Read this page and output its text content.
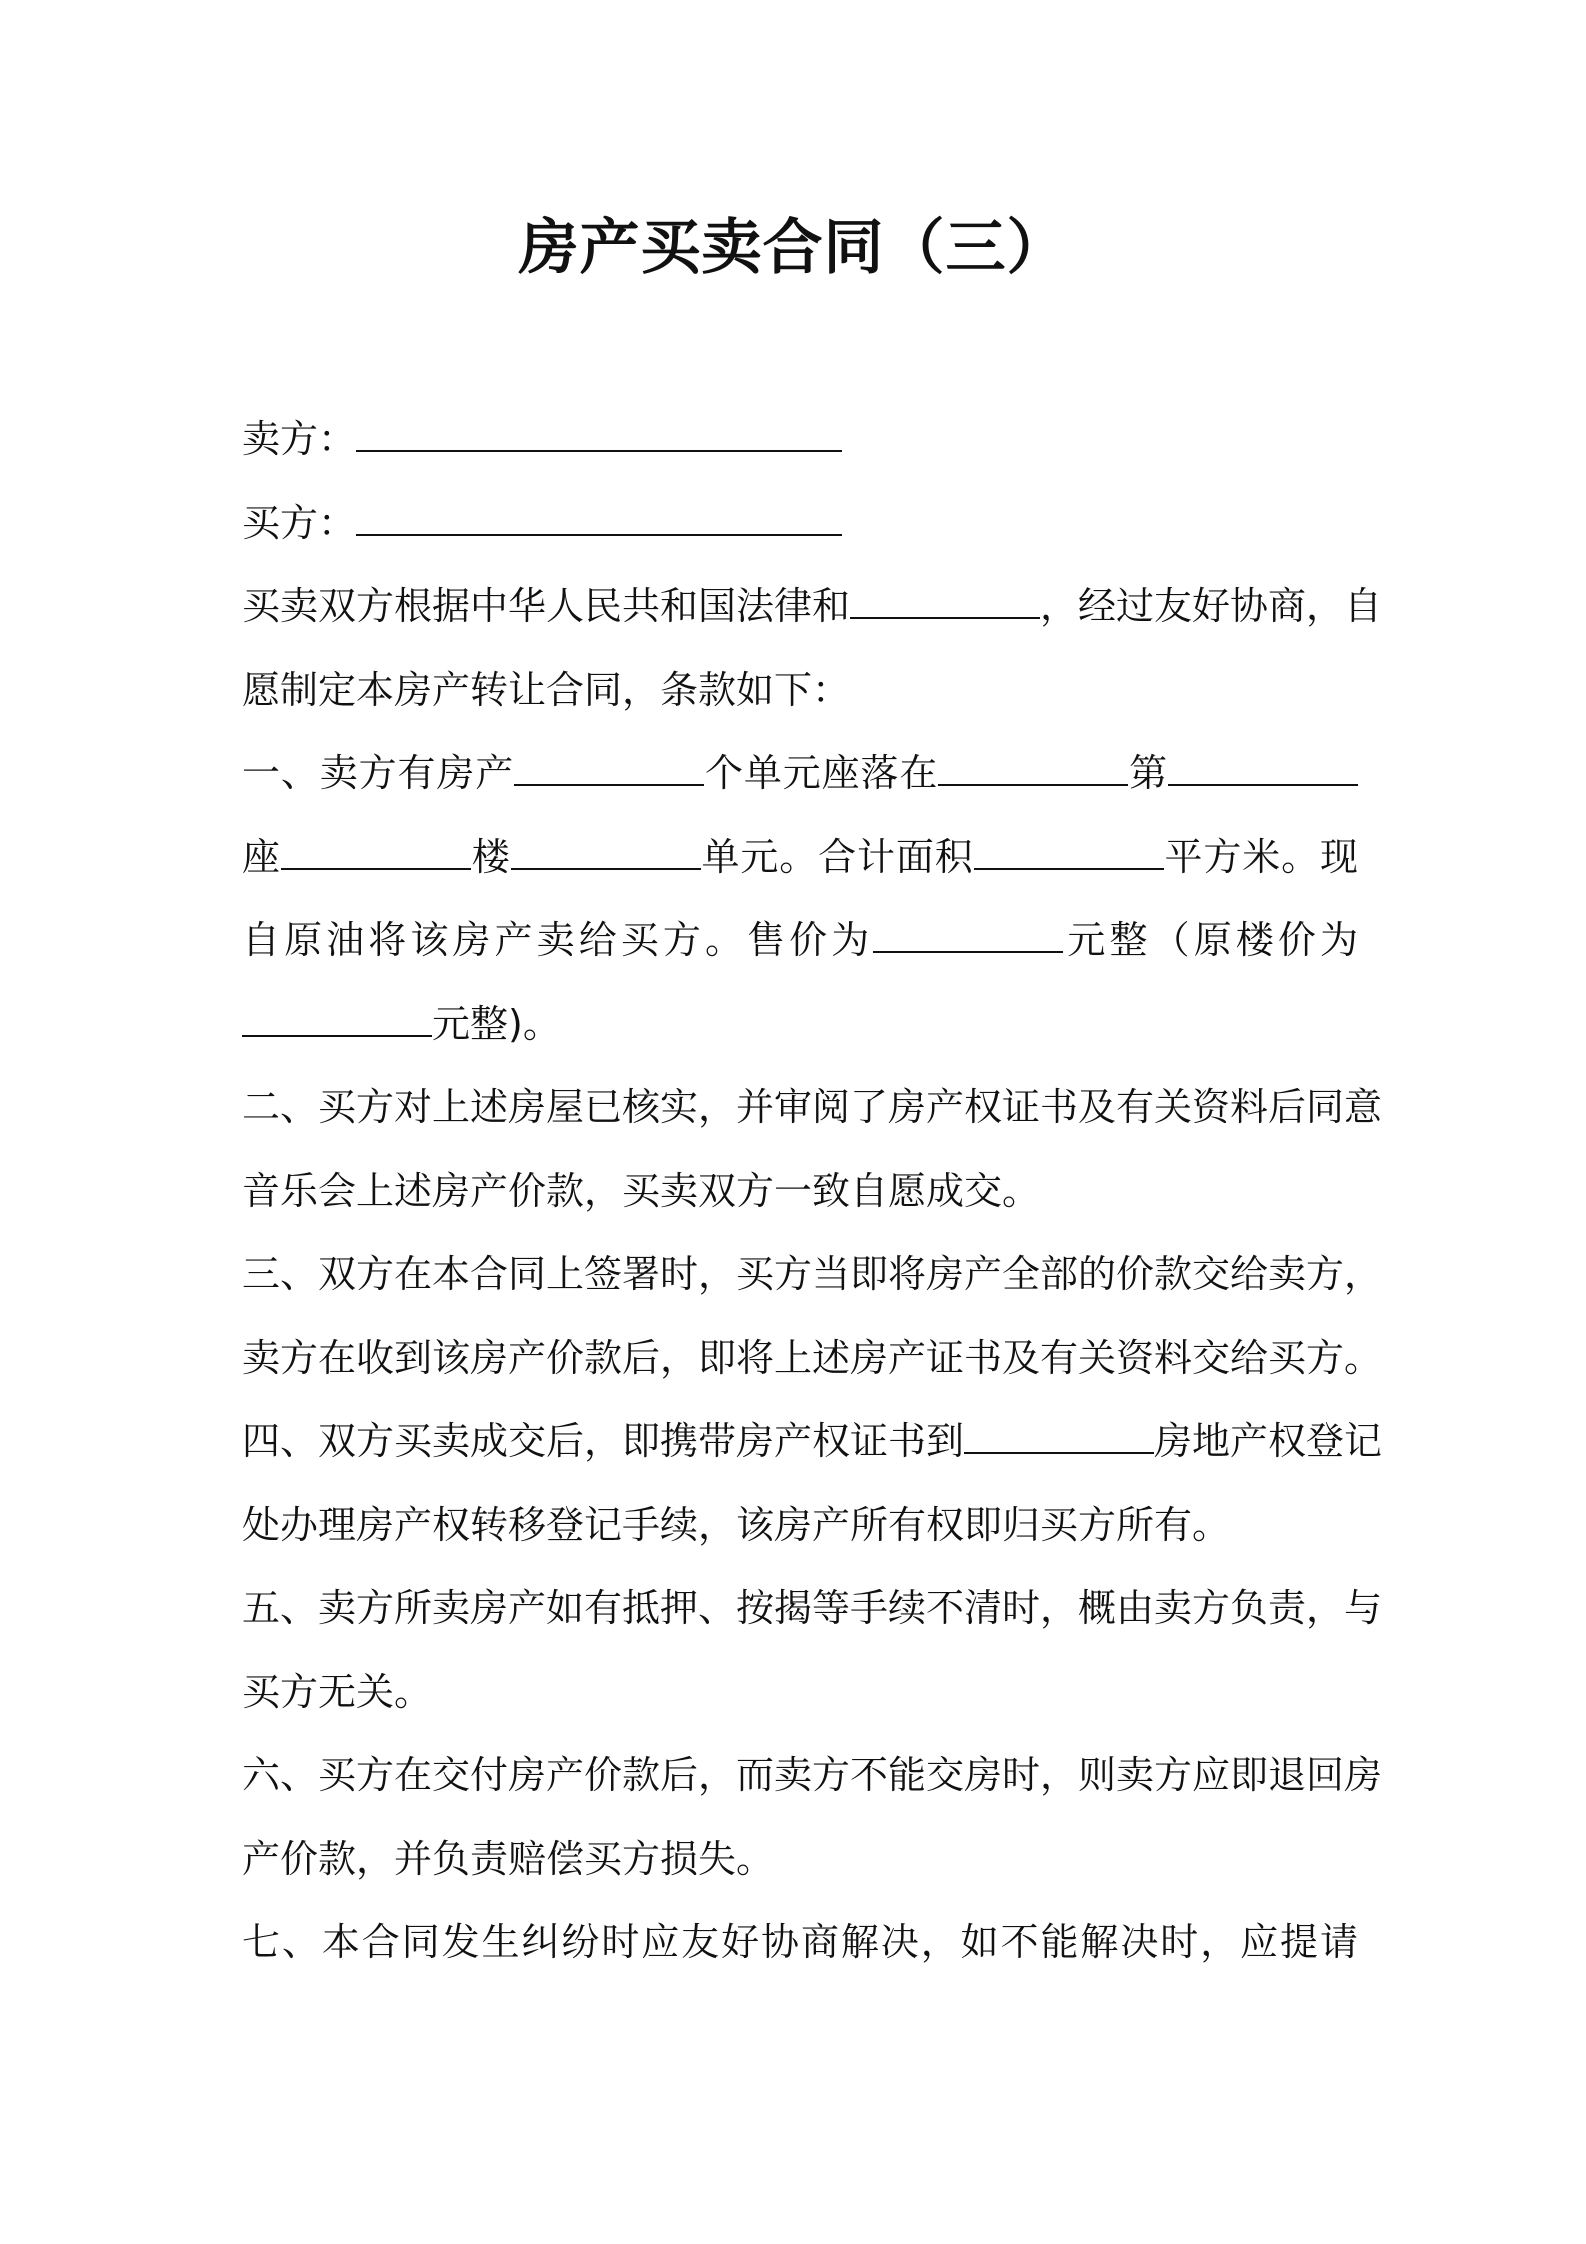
房产买卖合同（三）
卖方：
买方：
买卖双方根据中华人民共和国法律和	，经过友好协商，自
愿制定本房产转让合同，条款如下：
一、卖方有房产	个单元座落在	第
座	楼	单元。合计面积	平方米。现
自原油将该房产卖给买方。售价为	元整（原楼价为
元整)。
二、买方对上述房屋已核实，并审阅了房产权证书及有关资料后同意
音乐会上述房产价款，买卖双方一致自愿成交。
三、双方在本合同上签署时，买方当即将房产全部的价款交给卖方，
卖方在收到该房产价款后，即将上述房产证书及有关资料交给买方。
四、双方买卖成交后，即携带房产权证书到	房地产权登记
处办理房产权转移登记手续，该房产所有权即归买方所有。
五、卖方所卖房产如有抵押、按揭等手续不清时，概由卖方负责，与
买方无关。
六、买方在交付房产价款后，而卖方不能交房时，则卖方应即退回房
产价款，并负责赔偿买方损失。
七、本合同发生纠纷时应友好协商解决，如不能解决时，应提请
